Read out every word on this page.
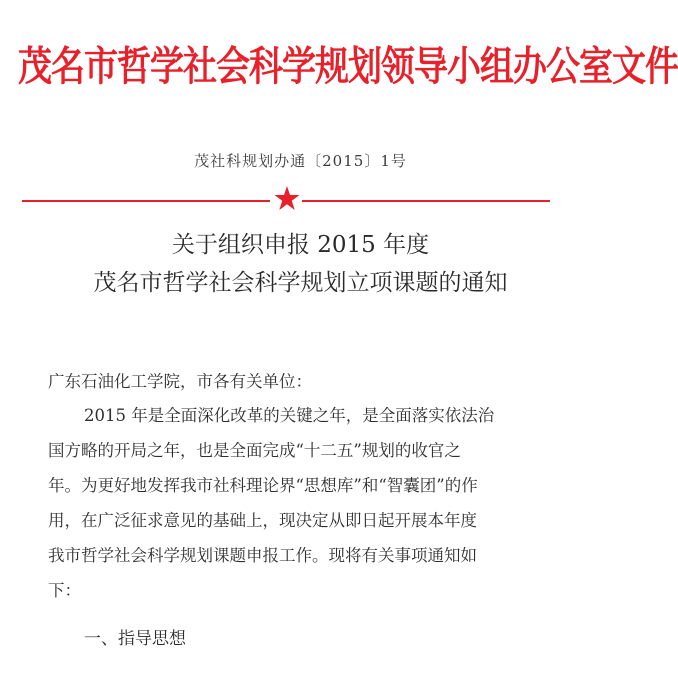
茂名市哲学社会科学规划领导小组办公室文件
茂社科规划办通〔2015〕1号
关于组织申报 2015 年度
茂名市哲学社会科学规划立项课题的通知
广东石油化工学院，市各有关单位：
2015 年是全面深化改革的关键之年，是全面落实依法治
国方略的开局之年，也是全面完成“十二五”规划的收官之
年。为更好地发挥我市社科理论界“思想库”和“智囊团”的作
用，在广泛征求意见的基础上，现决定从即日起开展本年度
我市哲学社会科学规划课题申报工作。现将有关事项通知如
下：
一、指导思想
